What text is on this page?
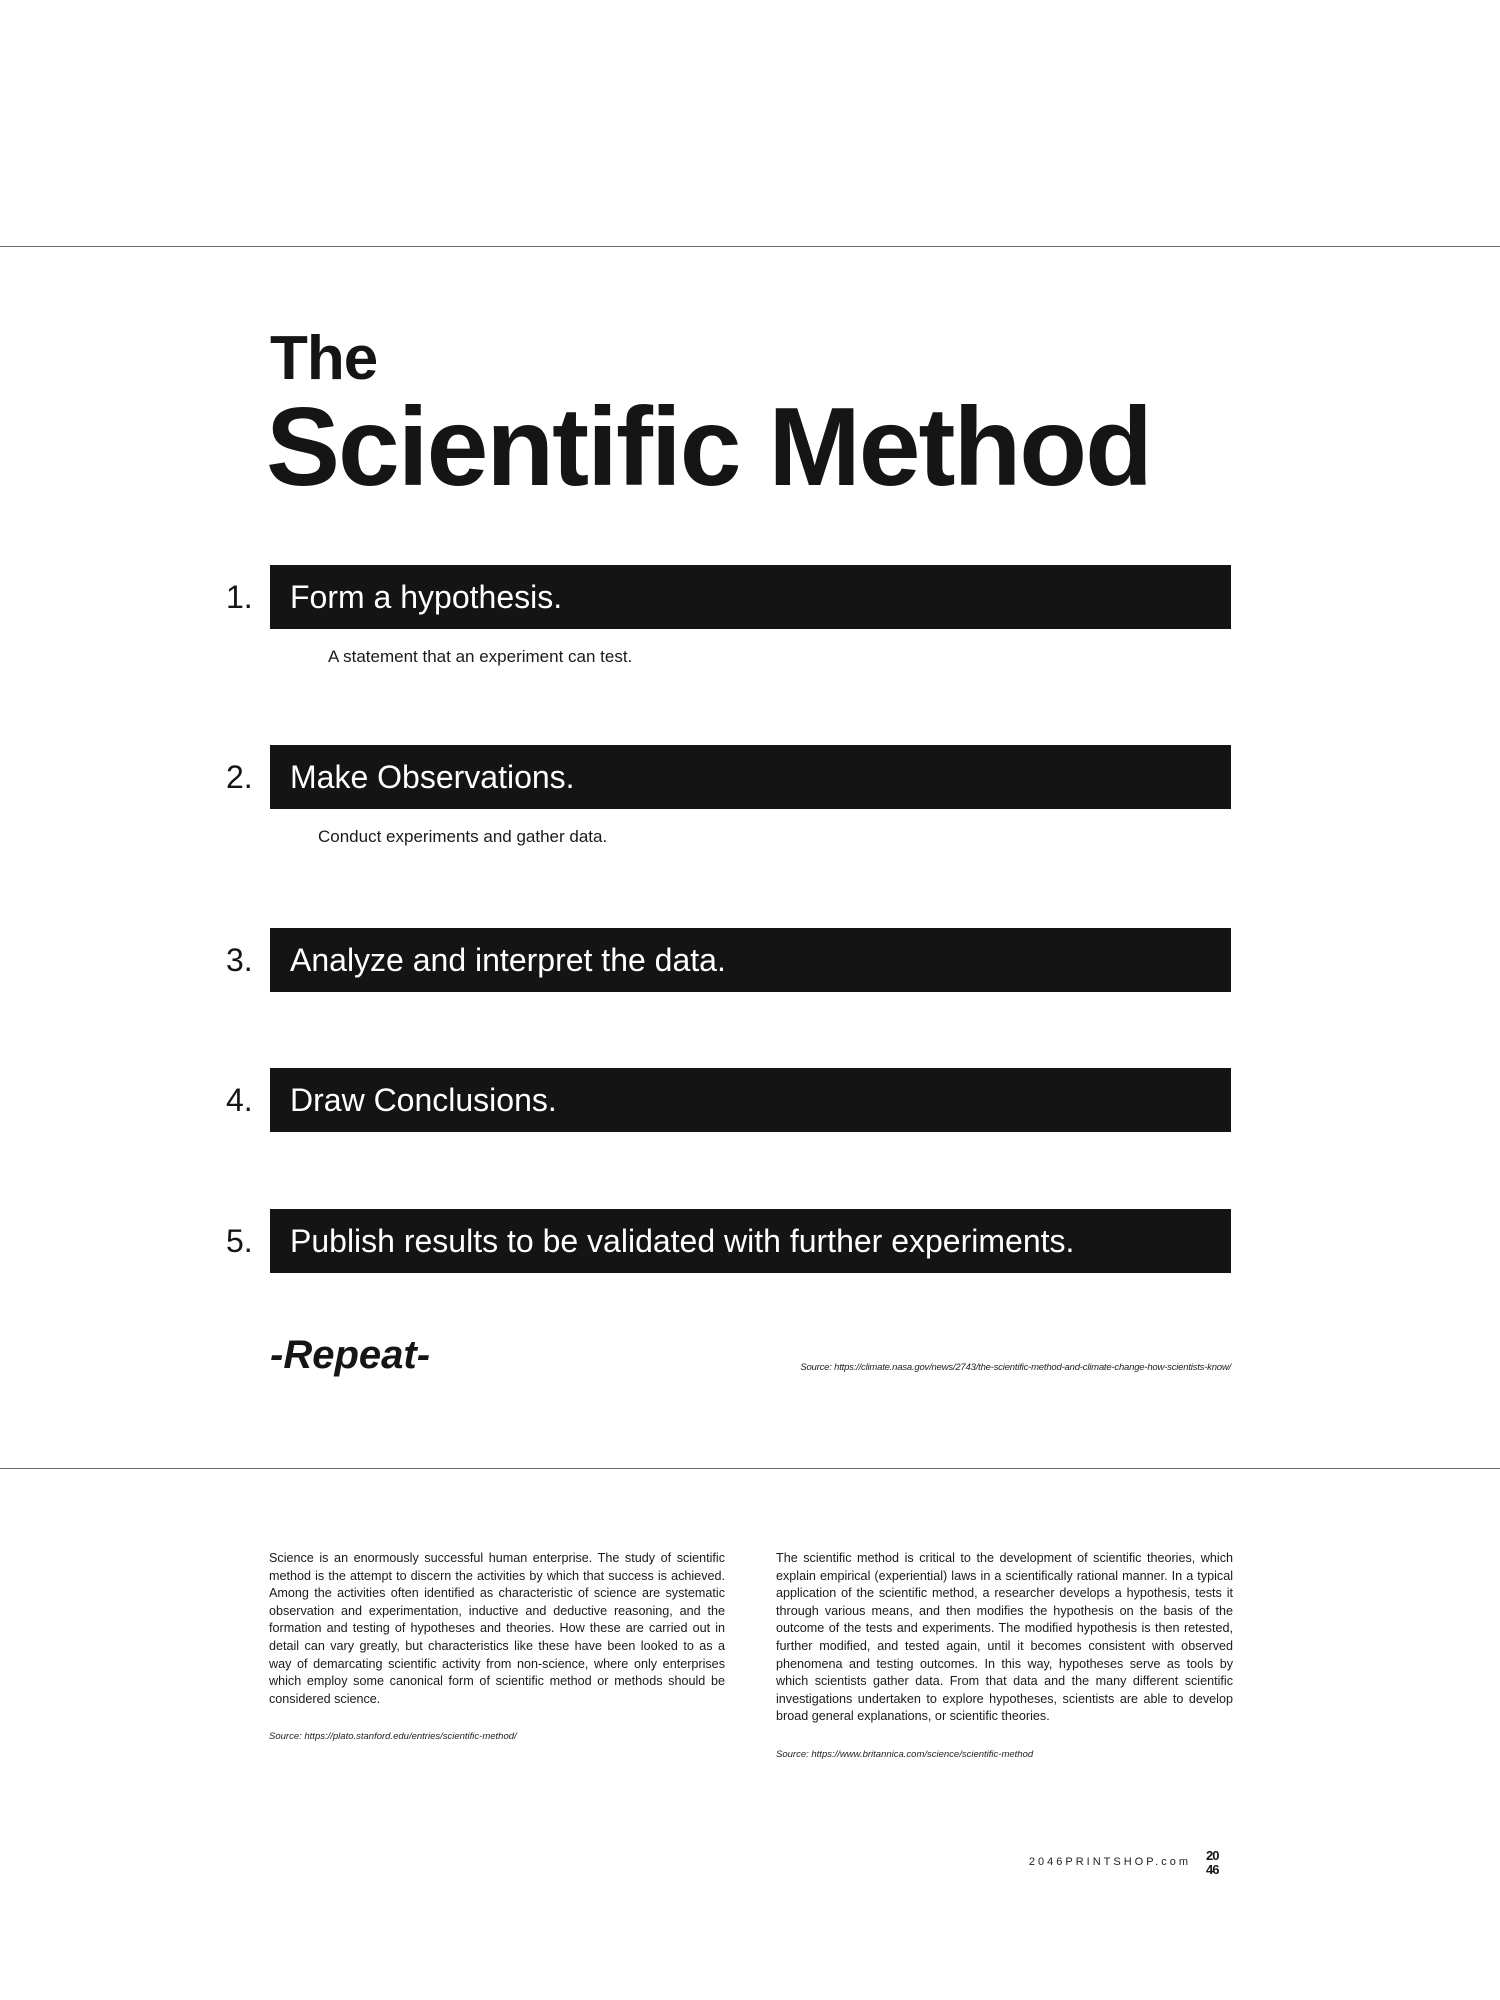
The
Scientific Method
1.	Form a hypothesis.
A statement that an experiment can test.
2.	Make Observations.
Conduct experiments and gather data.
3.	Analyze and interpret the data.
4.	Draw Conclusions.
5.	Publish results to be validated with further experiments.
-Repeat-	Source: https://climate.nasa.gov/news/2743/the-scientific-method-and-climate-change-how-scientists-know/
Science is an enormously successful human enterprise. The study of scientific method is the attempt to discern the activities by which that success is achieved. Among the activities often identified as characteristic of science are systematic observation and experimentation, inductive and deductive reasoning, and the formation and testing of hypotheses and theories. How these are carried out in detail can vary greatly, but characteristics like these have been looked to as a way of demarcating scientific activity from non-science, where only enterprises which employ some canonical form of scientific method or methods should be considered science.
Source: https://plato.stanford.edu/entries/scientific-method/
The scientific method is critical to the development of scientific theories, which explain empirical (experiential) laws in a scientifically rational manner. In a typical application of the scientific method, a researcher develops a hypothesis, tests it through various means, and then modifies the hypothesis on the basis of the outcome of the tests and experiments. The modified hypothesis is then retested, further modified, and tested again, until it becomes consistent with observed phenomena and testing outcomes. In this way, hypotheses serve as tools by which scientists gather data. From that data and the many different scientific investigations undertaken to explore hypotheses, scientists are able to develop broad general explanations, or scientific theories.
Source: https://www.britannica.com/science/scientific-method
2046PRINTSHOP.com 20
46
